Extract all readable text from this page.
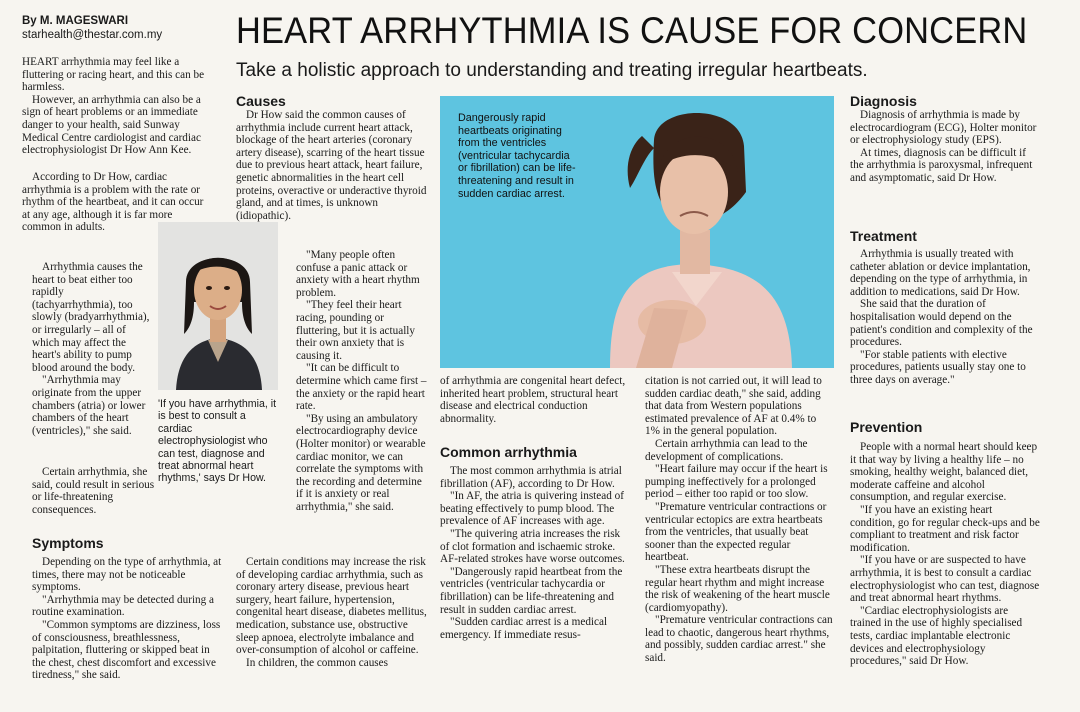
By M. MAGESWARI
starhealth@thestar.com.my HEART ARRHYTHMIA IS CAUSE FOR CONCERN
Take a holistic approach to understanding and treating irregular heartbeats.

HEART arrhythmia may feel like a fluttering or racing heart, and this can be harmless.

However, an arrhythmia can also be a sign of heart problems or an immediate danger to your health, said Sunway Medical Centre cardiologist and cardiac electrophysiologist Dr How Ann Kee.

According to Dr How, cardiac arrhythmia is a problem with the rate or rhythm of the heartbeat, and it can occur at any age, although it is far more common in adults.

Arrhythmia causes the heart to beat either too rapidly (tachyarrhythmia), too slowly (bradyarrhythmia), or irregularly – all of which may affect the heart's ability to pump blood around the body.

"Arrhythmia may originate from the upper chambers (atria) or lower chambers of the heart (ventricles)," she said.

Certain arrhythmia, she said, could result in serious or life-threatening consequences.

Symptoms

Depending on the type of arrhythmia, at times, there may not be noticeable symptoms.

"Arrhythmia may be detected during a routine examination.

"Common symptoms are dizziness, loss of consciousness, breathlessness, palpitation, fluttering or skipped beat in the chest, chest discomfort and excessive tiredness," she said.

'If you have arrhythmia, it is best to consult a cardiac electrophysiologist who can test, diagnose and treat abnormal heart rhythms,' says Dr How.
Causes

Dr How said the common causes of arrhythmia include current heart attack, blockage of the heart arteries (coronary artery disease), scarring of the heart tissue due to previous heart attack, heart failure, genetic abnormalities in the heart cell proteins, overactive or underactive thyroid gland, and at times, is unknown (idiopathic).

"Many people often confuse a panic attack or anxiety with a heart rhythm problem.

"They feel their heart racing, pounding or fluttering, but it is actually their own anxiety that is causing it.

"It can be difficult to determine which came first – the anxiety or the rapid heart rate.

"By using an ambulatory electrocardiography device (Holter monitor) or wearable cardiac monitor, we can correlate the symptoms with the recording and determine if it is anxiety or real arrhythmia," she said.

Certain conditions may increase the risk of developing cardiac arrhythmia, such as coronary artery disease, previous heart surgery, heart failure, hypertension, congenital heart disease, diabetes mellitus, medication, substance use, obstructive sleep apnoea, electrolyte imbalance and over-consumption of alcohol or caffeine.

In children, the common causes

Dangerously rapid heartbeats originating from the ventricles (ventricular tachycardia or fibrillation) can be life-threatening and result in sudden cardiac arrest.

of arrhythmia are congenital heart defect, inherited heart problem, structural heart disease and electrical conduction abnormality.

Common arrhythmia

The most common arrhythmia is atrial fibrillation (AF), according to Dr How.

"In AF, the atria is quivering instead of beating effectively to pump blood. The prevalence of AF increases with age.

"The quivering atria increases the risk of clot formation and ischaemic stroke. AF-related strokes have worse outcomes.

"Dangerously rapid heartbeat from the ventricles (ventricular tachycardia or fibrillation) can be life-threatening and result in sudden cardiac arrest.

"Sudden cardiac arrest is a medical emergency. If immediate resus-

citation is not carried out, it will lead to sudden cardiac death," she said, adding that data from Western populations estimated prevalence of AF at 0.4% to 1% in the general population.

Certain arrhythmia can lead to the development of complications.

"Heart failure may occur if the heart is pumping ineffectively for a prolonged period – either too rapid or too slow.

"Premature ventricular contractions or ventricular ectopics are extra heartbeats from the ventricles, that usually beat sooner than the expected regular heartbeat.

"These extra heartbeats disrupt the regular heart rhythm and might increase the risk of weakening of the heart muscle (cardiomyopathy).

"Premature ventricular contractions can lead to chaotic, dangerous heart rhythms, and possibly, sudden cardiac arrest." she said.

Diagnosis

Diagnosis of arrhythmia is made by electrocardiogram (ECG), Holter monitor or electrophysiology study (EPS).

At times, diagnosis can be difficult if the arrhythmia is paroxysmal, infrequent and asymptomatic, said Dr How.

Treatment

Arrhythmia is usually treated with catheter ablation or device implantation, depending on the type of arrhythmia, in addition to medications, said Dr How.

She said that the duration of hospitalisation would depend on the patient's condition and complexity of the procedures.

"For stable patients with elective procedures, patients usually stay one to three days on average."

Prevention

People with a normal heart should keep it that way by living a healthy life – no smoking, healthy weight, balanced diet, moderate caffeine and alcohol consumption, and regular exercise.

"If you have an existing heart condition, go for regular check-ups and be compliant to treatment and risk factor modification.

"If you have or are suspected to have arrhythmia, it is best to consult a cardiac electrophysiologist who can test, diagnose and treat abnormal heart rhythms.

"Cardiac electrophysiologists are trained in the use of highly specialised tests, cardiac implantable electronic devices and electrophysiology procedures," said Dr How.
